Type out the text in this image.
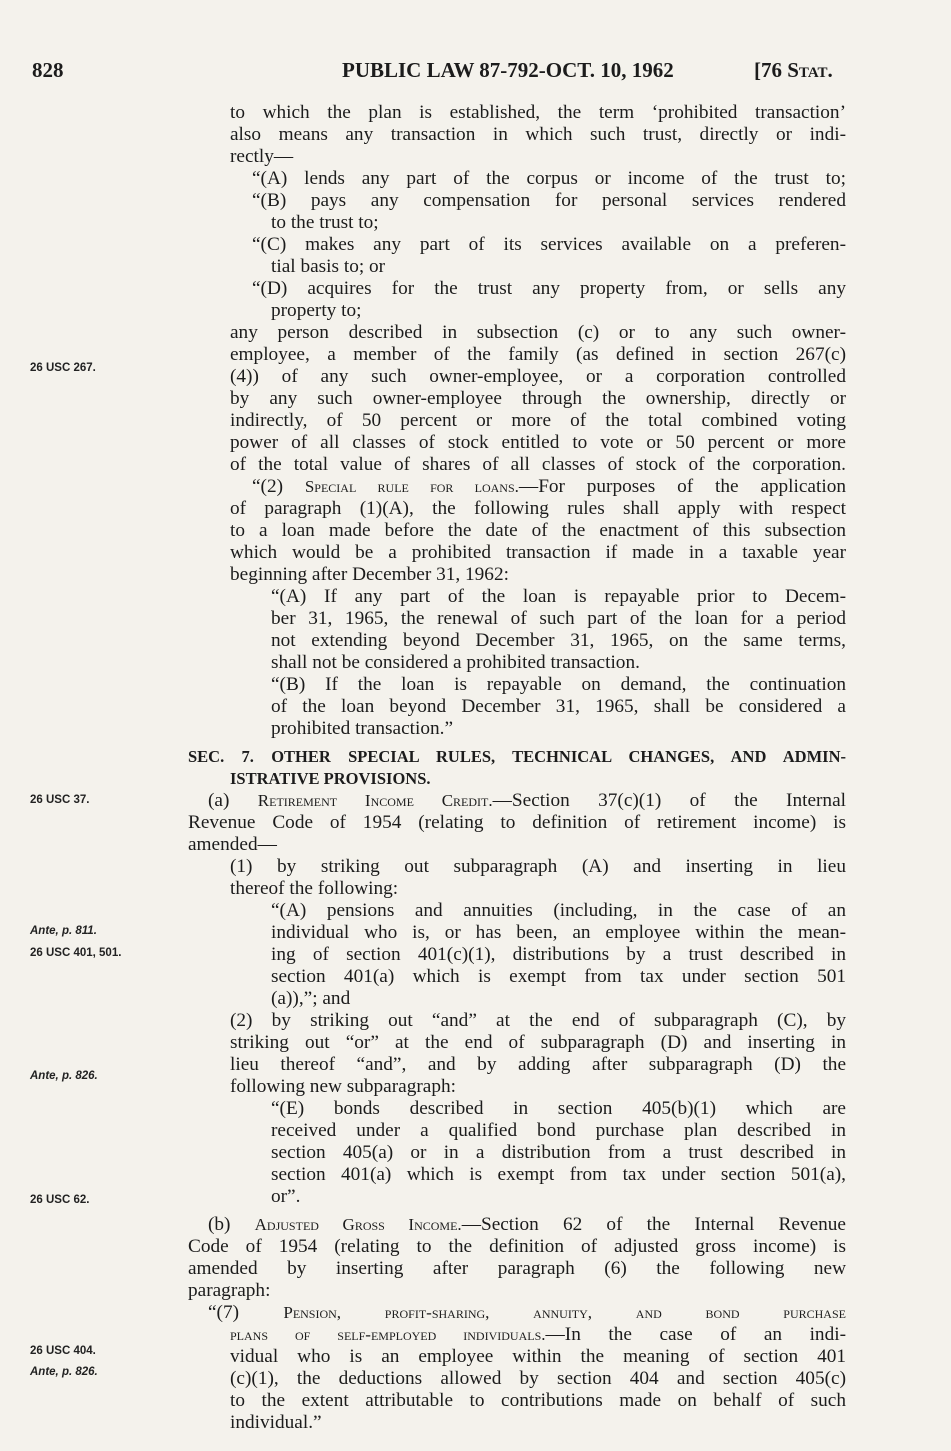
828	PUBLIC LAW 87-792-OCT. 10, 1962	[76 Stat.
26 USC 267.
26 USC 37.
Ante, p. 811.
26 USC 401, 501.
Ante, p. 826.
26 USC 62.
26 USC 404.
Ante, p. 826.
to which the plan is established, the term ‘prohibited transaction’
also means any transaction in which such trust, directly or indi-
rectly—
“(A) lends any part of the corpus or income of the trust to;
“(B) pays any compensation for personal services rendered
to the trust to;
“(C) makes any part of its services available on a preferen-
tial basis to; or
“(D) acquires for the trust any property from, or sells any
property to;
any person described in subsection (c) or to any such owner-
employee, a member of the family (as defined in section 267(c)
(4)) of any such owner-employee, or a corporation controlled
by any such owner-employee through the ownership, directly or
indirectly, of 50 percent or more of the total combined voting
power of all classes of stock entitled to vote or 50 percent or more
of the total value of shares of all classes of stock of the corporation.
“(2) Special rule for loans.—For purposes of the application
of paragraph (1)(A), the following rules shall apply with respect
to a loan made before the date of the enactment of this subsection
which would be a prohibited transaction if made in a taxable year
beginning after December 31, 1962:
“(A) If any part of the loan is repayable prior to Decem-
ber 31, 1965, the renewal of such part of the loan for a period
not extending beyond December 31, 1965, on the same terms,
shall not be considered a prohibited transaction.
“(B) If the loan is repayable on demand, the continuation
of the loan beyond December 31, 1965, shall be considered a
prohibited transaction.”
SEC. 7. OTHER SPECIAL RULES, TECHNICAL CHANGES, AND ADMIN-
ISTRATIVE PROVISIONS.
(a) Retirement Income Credit.—Section 37(c)(1) of the Internal
Revenue Code of 1954 (relating to definition of retirement income) is
amended—
(1) by striking out subparagraph (A) and inserting in lieu
thereof the following:
“(A) pensions and annuities (including, in the case of an
individual who is, or has been, an employee within the mean-
ing of section 401(c)(1), distributions by a trust described in
section 401(a) which is exempt from tax under section 501
(a)),”; and
(2) by striking out “and” at the end of subparagraph (C), by
striking out “or” at the end of subparagraph (D) and inserting in
lieu thereof “and”, and by adding after subparagraph (D) the
following new subparagraph:
“(E) bonds described in section 405(b)(1) which are
received under a qualified bond purchase plan described in
section 405(a) or in a distribution from a trust described in
section 401(a) which is exempt from tax under section 501(a),
or”.
(b) Adjusted Gross Income.—Section 62 of the Internal Revenue
Code of 1954 (relating to the definition of adjusted gross income) is
amended by inserting after paragraph (6) the following new
paragraph:
“(7) Pension, profit-sharing, annuity, and bond purchase
plans of self-employed individuals.—In the case of an indi-
vidual who is an employee within the meaning of section 401
(c)(1), the deductions allowed by section 404 and section 405(c)
to the extent attributable to contributions made on behalf of such
individual.”
